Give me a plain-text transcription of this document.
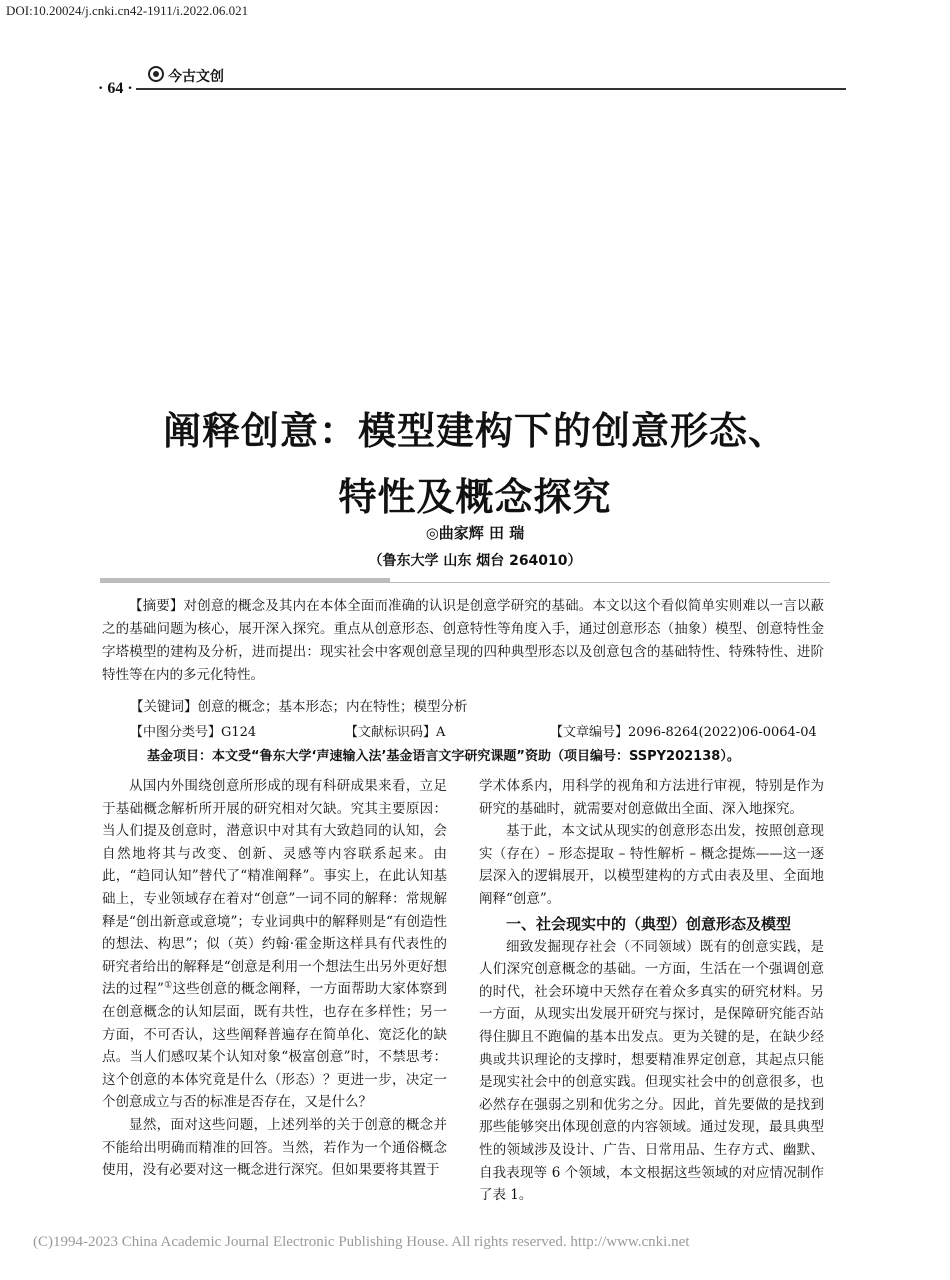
DOI:10.20024/j.cnki.cn42-1911/i.2022.06.021
· 64 ·
今古文创
阐释创意：模型建构下的创意形态、
特性及概念探究
◎曲家辉 田 瑞
（鲁东大学 山东 烟台 264010）
【摘要】对创意的概念及其内在本体全面而准确的认识是创意学研究的基础。本文以这个看似简单实则难以一言以蔽之的基础问题为核心，展开深入探究。重点从创意形态、创意特性等角度入手，通过创意形态（抽象）模型、创意特性金字塔模型的建构及分析，进而提出：现实社会中客观创意呈现的四种典型形态以及创意包含的基础特性、特殊特性、进阶特性等在内的多元化特性。
【关键词】创意的概念；基本形态；内在特性；模型分析
【中图分类号】G124	【文献标识码】A	【文章编号】2096-8264(2022)06-0064-04
基金项目：本文受“鲁东大学‘声速输入法’基金语言文字研究课题”资助（项目编号：SSPY202138）。

从国内外围绕创意所形成的现有科研成果来看，立足于基础概念解析所开展的研究相对欠缺。究其主要原因：当人们提及创意时，潜意识中对其有大致趋同的认知，会自然地将其与改变、创新、灵感等内容联系起来。由此，“趋同认知”替代了“精准阐释”。事实上，在此认知基础上，专业领域存在着对“创意”一词不同的解释：常规解释是“创出新意或意境”；专业词典中的解释则是“有创造性的想法、构思”；似（英）约翰·霍金斯这样具有代表性的研究者给出的解释是“创意是利用一个想法生出另外更好想法的过程”①这些创意的概念阐释，一方面帮助大家体察到在创意概念的认知层面，既有共性，也存在多样性；另一方面，不可否认，这些阐释普遍存在简单化、宽泛化的缺点。当人们感叹某个认知对象“极富创意”时，不禁思考：这个创意的本体究竟是什么（形态）？更进一步，决定一个创意成立与否的标准是否存在，又是什么？

显然，面对这些问题，上述列举的关于创意的概念并不能给出明确而精准的回答。当然，若作为一个通俗概念使用，没有必要对这一概念进行深究。但如果要将其置于

学术体系内，用科学的视角和方法进行审视，特别是作为研究的基础时，就需要对创意做出全面、深入地探究。

基于此，本文试从现实的创意形态出发，按照创意现实（存在）– 形态提取 – 特性解析 – 概念提炼——这一逐层深入的逻辑展开，以模型建构的方式由表及里、全面地阐释“创意”。

一、社会现实中的（典型）创意形态及模型

细致发掘现存社会（不同领域）既有的创意实践，是人们深究创意概念的基础。一方面，生活在一个强调创意的时代，社会环境中天然存在着众多真实的研究材料。另一方面，从现实出发展开研究与探讨，是保障研究能否站得住脚且不跑偏的基本出发点。更为关键的是，在缺少经典或共识理论的支撑时，想要精准界定创意，其起点只能是现实社会中的创意实践。但现实社会中的创意很多，也必然存在强弱之别和优劣之分。因此，首先要做的是找到那些能够突出体现创意的内容领域。通过发现，最具典型性的领域涉及设计、广告、日常用品、生存方式、幽默、自我表现等 6 个领域，本文根据这些领域的对应情况制作了表 1。

(C)1994-2023 China Academic Journal Electronic Publishing House. All rights reserved. http://www.cnki.net
